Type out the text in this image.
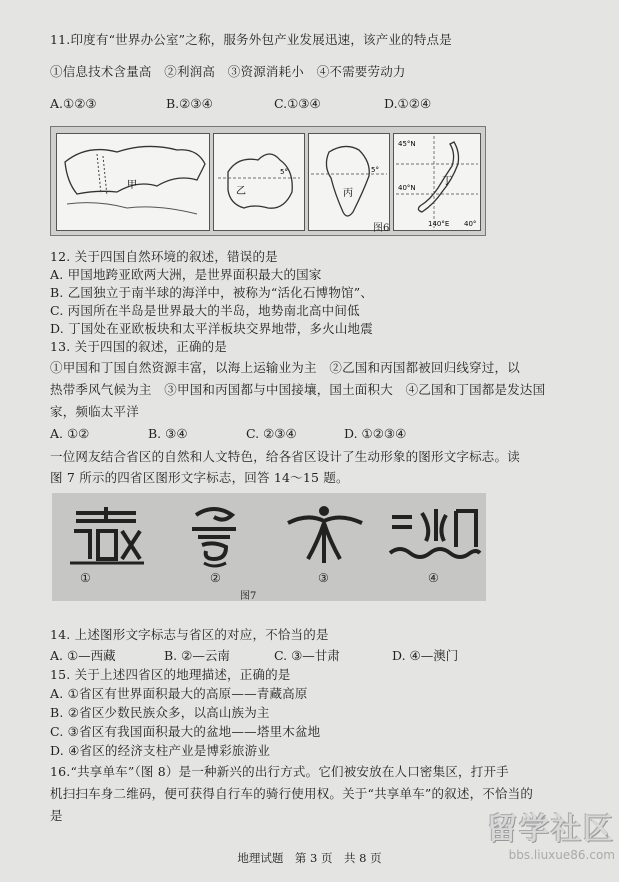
11.印度有“世界办公室”之称，服务外包产业发展迅速，该产业的特点是
①信息技术含量高　②利润高　③资源消耗小　④不需要劳动力
A.①②③	B.②③④	C.①③④	D.①②④
甲
乙
5°
丙
5°
丁
45°N
40°N
140°E 40°
图6
12. 关于四国自然环境的叙述，错误的是
A. 甲国地跨亚欧两大洲，是世界面积最大的国家
B. 乙国独立于南半球的海洋中，被称为“活化石博物馆”、
C. 丙国所在半岛是世界最大的半岛，地势南北高中间低
D. 丁国处在亚欧板块和太平洋板块交界地带，多火山地震
13. 关于四国的叙述，正确的是
①甲国和丁国自然资源丰富，以海上运输业为主　②乙国和丙国都被回归线穿过，以
热带季风气候为主　③甲国和丙国都与中国接壤，国土面积大　④乙国和丁国都是发达国
家，频临太平洋
A. ①②	B. ③④	C. ②③④	D. ①②③④
一位网友结合省区的自然和人文特色，给各省区设计了生动形象的图形文字标志。读
图 7 所示的四省区图形文字标志，回答 14～15 题。
①	②	③	④
图7
14. 上述图形文字标志与省区的对应，不恰当的是
A. ①—西藏	B. ②—云南	C. ③—甘肃	D. ④—澳门
15. 关于上述四省区的地理描述，正确的是
A. ①省区有世界面积最大的高原——青藏高原
B. ②省区少数民族众多，以高山族为主
C. ③省区有我国面积最大的盆地——塔里木盆地
D. ④省区的经济支柱产业是博彩旅游业
16.“共享单车”（图 8）是一种新兴的出行方式。它们被安放在人口密集区，打开手
机扫扫车身二维码，便可获得自行车的骑行使用权。关于“共享单车”的叙述，不恰当的
是	留学社区
bbs.liuxue86.com
地理试题　第 3 页　共 8 页
